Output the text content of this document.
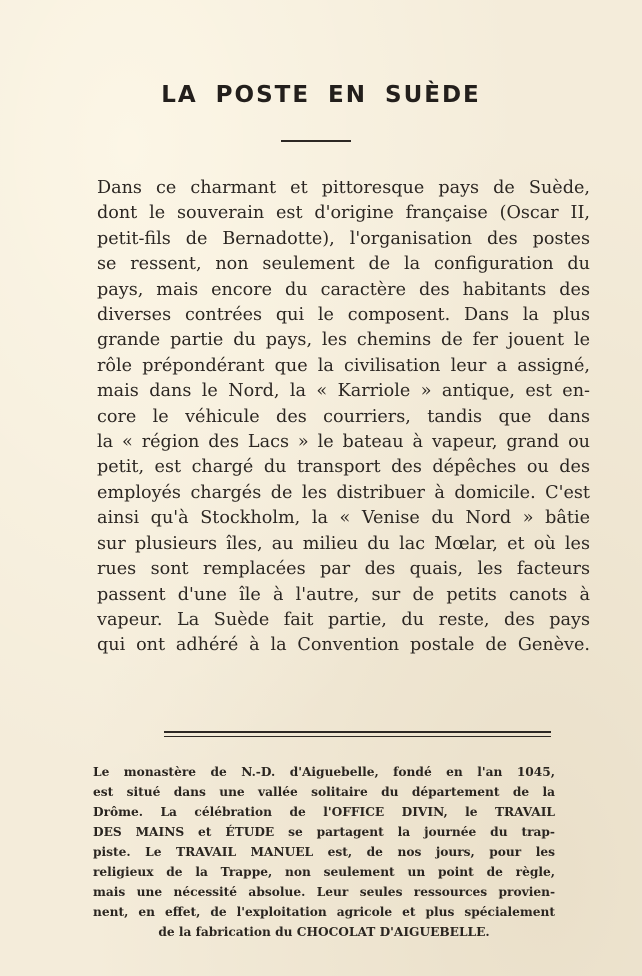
LA POSTE EN SUÈDE

Dans ce charmant et pittoresque pays de Suède,
dont le souverain est d'origine française (Oscar II,
petit-fils de Bernadotte), l'organisation des postes
se ressent, non seulement de la configuration du
pays, mais encore du caractère des habitants des
diverses contrées qui le composent. Dans la plus
grande partie du pays, les chemins de fer jouent le
rôle prépondérant que la civilisation leur a assigné,
mais dans le Nord, la « Karriole » antique, est en-
core le véhicule des courriers, tandis que dans
la « région des Lacs » le bateau à vapeur, grand ou
petit, est chargé du transport des dépêches ou des
employés chargés de les distribuer à domicile. C'est
ainsi qu'à Stockholm, la « Venise du Nord » bâtie
sur plusieurs îles, au milieu du lac Mœlar, et où les
rues sont remplacées par des quais, les facteurs
passent d'une île à l'autre, sur de petits canots à
vapeur. La Suède fait partie, du reste, des pays
qui ont adhéré à la Convention postale de Genève.

Le monastère de N.-D. d'Aiguebelle, fondé en l'an 1045,
est situé dans une vallée solitaire du département de la
Drôme. La célébration de l'OFFICE DIVIN, le TRAVAIL
DES MAINS et ÉTUDE se partagent la journée du trap-
piste. Le TRAVAIL MANUEL est, de nos jours, pour les
religieux de la Trappe, non seulement un point de règle,
mais une nécessité absolue. Leur seules ressources provien-
nent, en effet, de l'exploitation agricole et plus spécialement
de la fabrication du CHOCOLAT D'AIGUEBELLE.
